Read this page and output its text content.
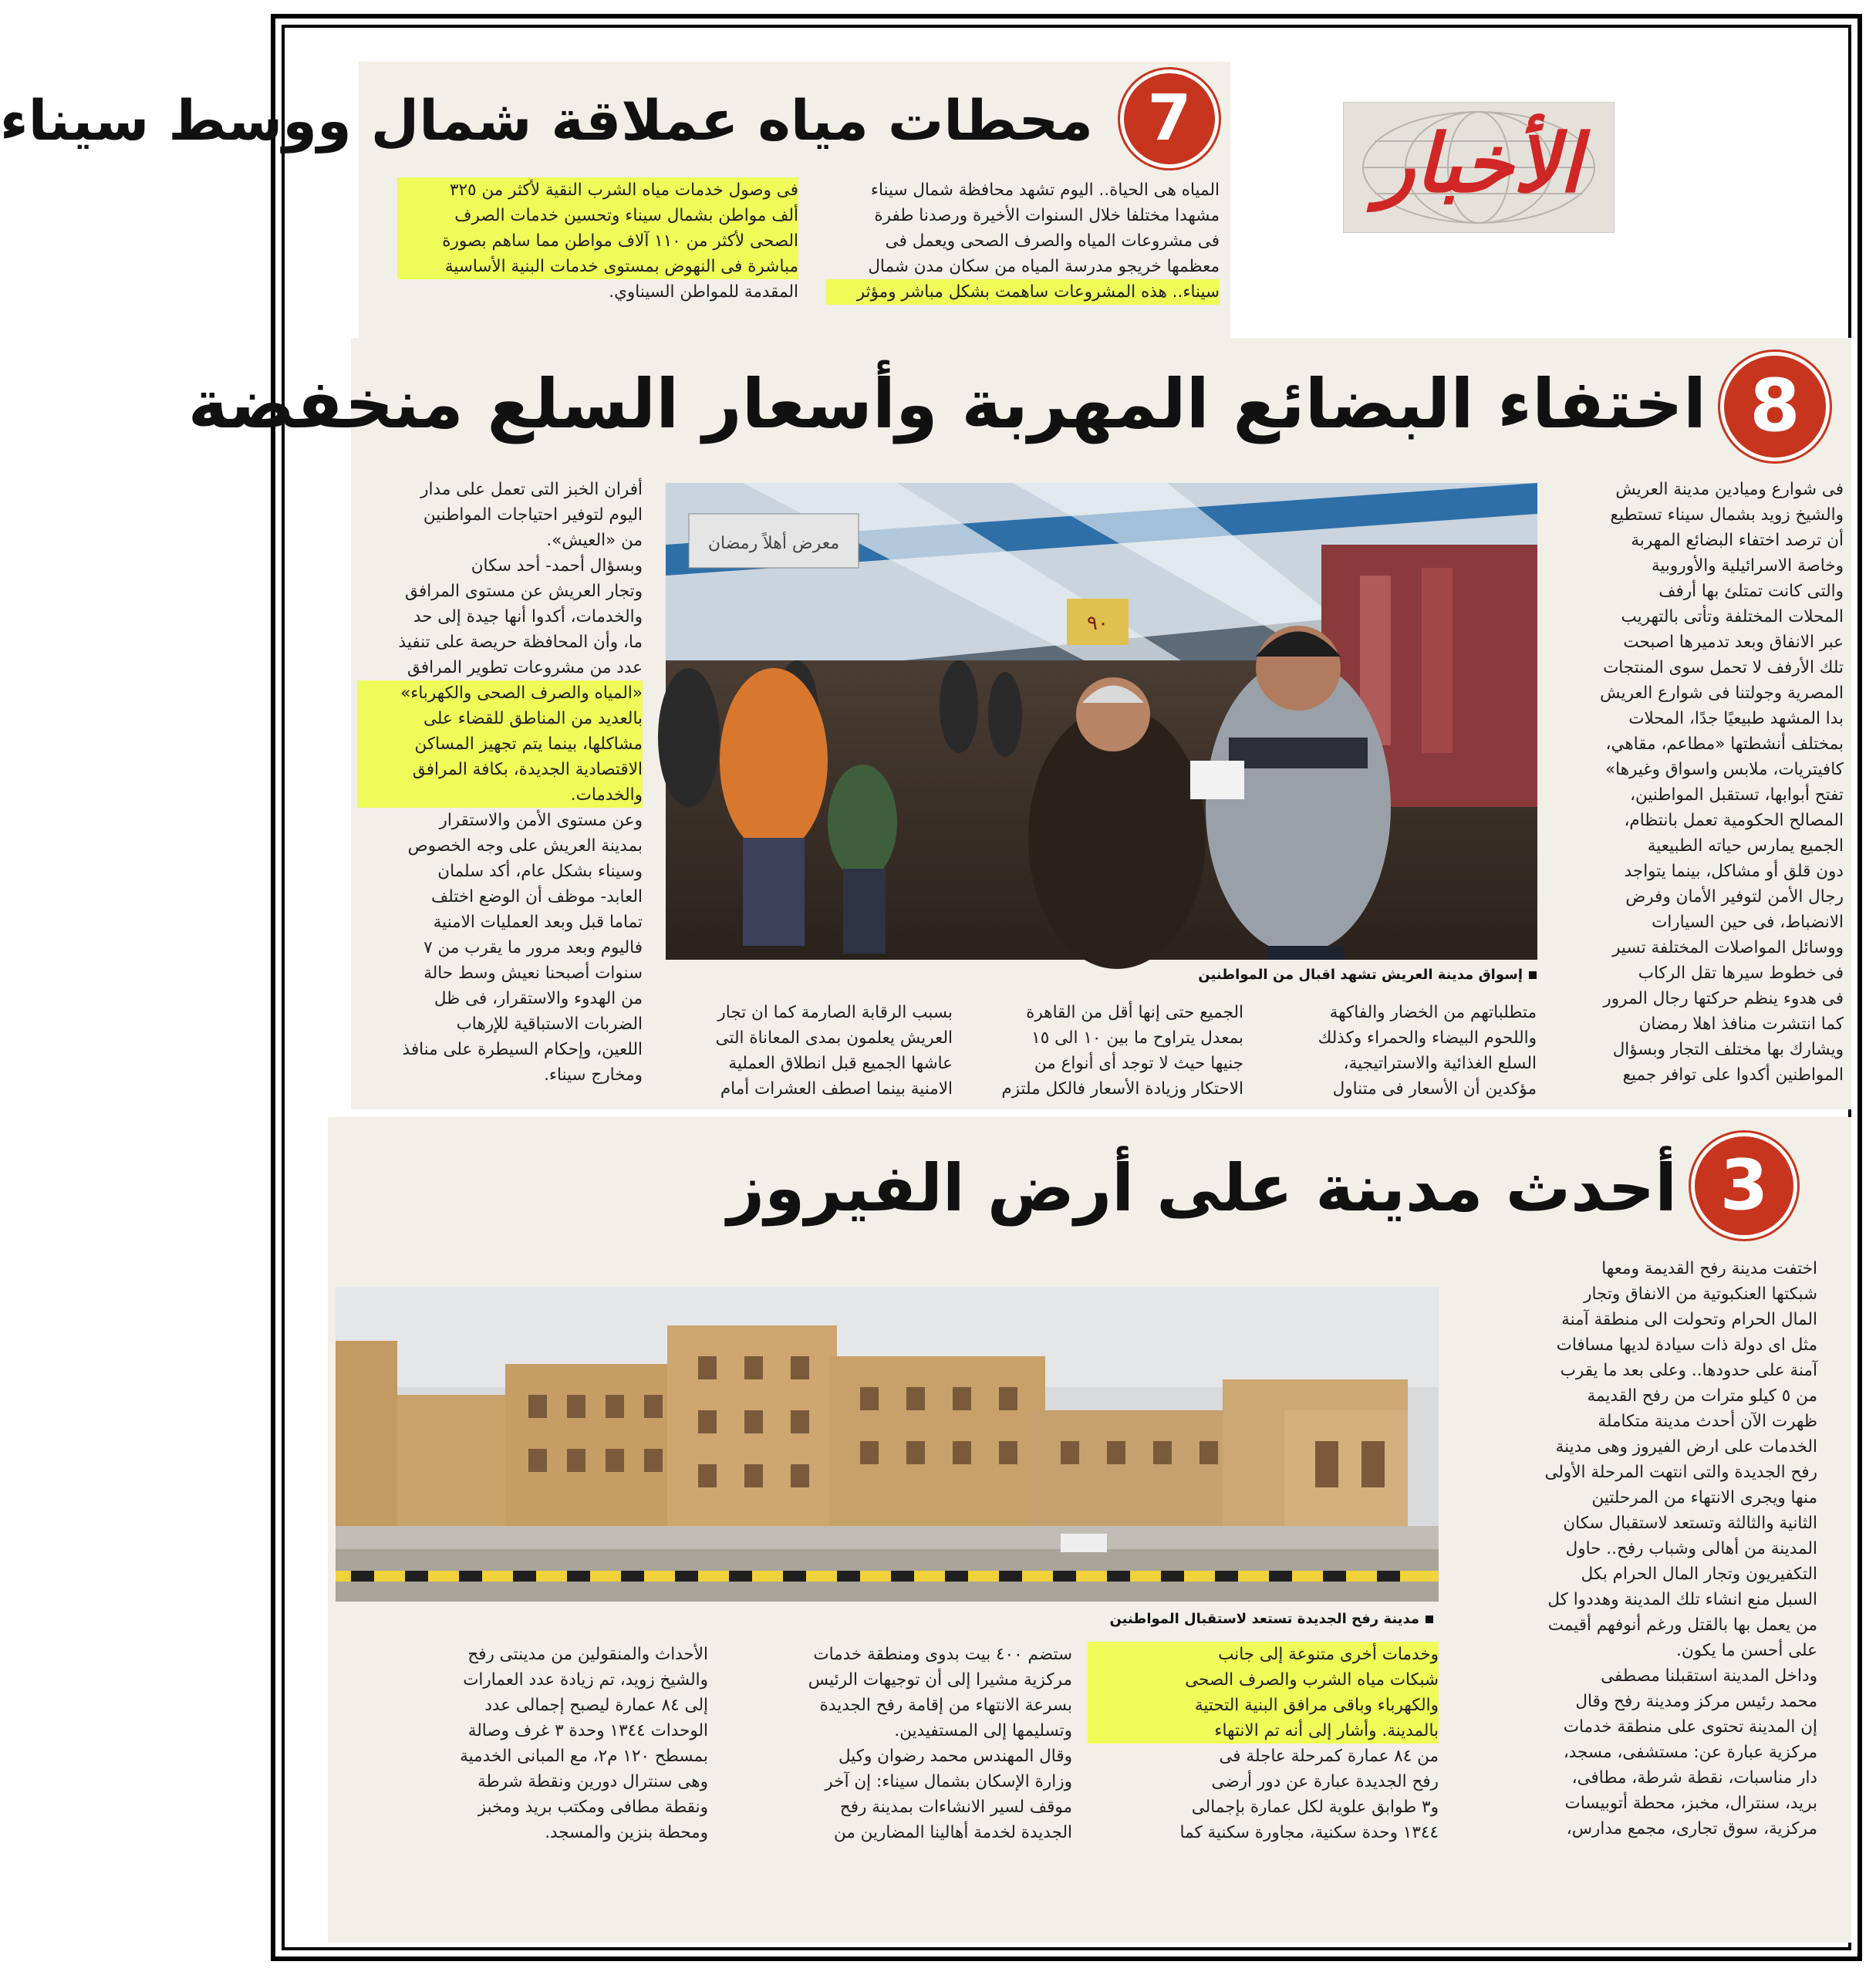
الأخبار
7
محطات مياه عملاقة شمال ووسط سيناء

المياه هى الحياة.. اليوم تشهد محافظة شمال سيناء

مشهدا مختلفا خلال السنوات الأخيرة ورصدنا طفرة

فى مشروعات المياه والصرف الصحى ويعمل فى

معظمها خريجو مدرسة المياه من سكان مدن شمال

سيناء.. هذه المشروعات ساهمت بشكل مباشر ومؤثر

فى وصول خدمات مياه الشرب النقية لأكثر من ٣٢٥

ألف مواطن بشمال سيناء وتحسين خدمات الصرف

الصحى لأكثر من ١١٠ آلاف مواطن مما ساهم بصورة

مباشرة فى النهوض بمستوى خدمات البنية الأساسية

المقدمة للمواطن السيناوي.

8
اختفاء البضائع المهربة وأسعار السلع منخفضة

فى شوارع وميادين مدينة العريش

والشيخ زويد بشمال سيناء تستطيع

أن ترصد اختفاء البضائع المهربة

وخاصة الاسرائيلية والأوروبية

والتى كانت تمتلئ بها أرفف

المحلات المختلفة وتأتى بالتهريب

عبر الانفاق وبعد تدميرها اصبحت

تلك الأرفف لا تحمل سوى المنتجات

المصرية وجولتنا فى شوارع العريش

بدا المشهد طبيعيًا جدًا، المحلات

بمختلف أنشطتها «مطاعم، مقاهي،

كافيتريات، ملابس واسواق وغيرها»

تفتح أبوابها، تستقبل المواطنين،

المصالح الحكومية تعمل بانتظام،

الجميع يمارس حياته الطبيعية

دون قلق أو مشاكل، بينما يتواجد

رجال الأمن لتوفير الأمان وفرض

الانضباط، فى حين السيارات

ووسائل المواصلات المختلفة تسير

فى خطوط سيرها تقل الركاب

فى هدوء ينظم حركتها رجال المرور

كما انتشرت منافذ اهلا رمضان

ويشارك بها مختلف التجار وبسؤال

المواطنين أكدوا على توافر جميع

معرض أهلاً رمضان
٩٠
إسواق مدينة العريش تشهد اقبال من المواطنين

أفران الخبز التى تعمل على مدار

اليوم لتوفير احتياجات المواطنين

من «العيش».

وبسؤال أحمد- أحد سكان

وتجار العريش عن مستوى المرافق

والخدمات، أكدوا أنها جيدة إلى حد

ما، وأن المحافظة حريصة على تنفيذ

عدد من مشروعات تطوير المرافق

«المياه والصرف الصحى والكهرباء»

بالعديد من المناطق للقضاء على

مشاكلها، بينما يتم تجهيز المساكن

الاقتصادية الجديدة، بكافة المرافق

والخدمات.

وعن مستوى الأمن والاستقرار

بمدينة العريش على وجه الخصوص

وسيناء بشكل عام، أكد سلمان

العابد- موظف أن الوضع اختلف

تماما قبل وبعد العمليات الامنية

فاليوم وبعد مرور ما يقرب من ٧

سنوات أصبحنا نعيش وسط حالة

من الهدوء والاستقرار، فى ظل

الضربات الاستباقية للإرهاب

اللعين، وإحكام السيطرة على منافذ

ومخارج سيناء.

متطلباتهم من الخضار والفاكهة

واللحوم البيضاء والحمراء وكذلك

السلع الغذائية والاستراتيجية،

مؤكدين أن الأسعار فى متناول

الجميع حتى إنها أقل من القاهرة

بمعدل يتراوح ما بين ١٠ الى ١٥

جنيها حيث لا توجد أى أنواع من

الاحتكار وزيادة الأسعار فالكل ملتزم

بسبب الرقابة الصارمة كما ان تجار

العريش يعلمون بمدى المعاناة التى

عاشها الجميع قبل انطلاق العملية

الامنية بينما اصطف العشرات أمام

3
أحدث مدينة على أرض الفيروز

اختفت مدينة رفح القديمة ومعها

شبكتها العنكبوتية من الانفاق وتجار

المال الحرام وتحولت الى منطقة آمنة

مثل اى دولة ذات سيادة لديها مسافات

آمنة على حدودها.. وعلى بعد ما يقرب

من ٥ كيلو مترات من رفح القديمة

ظهرت الآن أحدث مدينة متكاملة

الخدمات على ارض الفيروز وهى مدينة

رفح الجديدة والتى انتهت المرحلة الأولى

منها ويجرى الانتهاء من المرحلتين

الثانية والثالثة وتستعد لاستقبال سكان

المدينة من أهالى وشباب رفح.. حاول

التكفيريون وتجار المال الحرام بكل

السبل منع انشاء تلك المدينة وهددوا كل

من يعمل بها بالقتل ورغم أنوفهم أقيمت

على أحسن ما يكون.

وداخل المدينة استقبلنا مصطفى

محمد رئيس مركز ومدينة رفح وقال

إن المدينة تحتوى على منطقة خدمات

مركزية عبارة عن: مستشفى، مسجد،

دار مناسبات، نقطة شرطة، مطافى،

بريد، سنترال، مخبز، محطة أتوبيسات

مركزية، سوق تجارى، مجمع مدارس،

مدينة رفح الجديدة تستعد لاستقبال المواطنين

وخدمات أخرى متنوعة إلى جانب

شبكات مياه الشرب والصرف الصحى

والكهرباء وباقى مرافق البنية التحتية

بالمدينة. وأشار إلى أنه تم الانتهاء

من ٨٤ عمارة كمرحلة عاجلة فى

رفح الجديدة عبارة عن دور أرضى

و٣ طوابق علوية لكل عمارة بإجمالى

١٣٤٤ وحدة سكنية، مجاورة سكنية كما

ستضم ٤٠٠ بيت بدوى ومنطقة خدمات

مركزية مشيرا إلى أن توجيهات الرئيس

بسرعة الانتهاء من إقامة رفح الجديدة

وتسليمها إلى المستفيدين.

وقال المهندس محمد رضوان وكيل

وزارة الإسكان بشمال سيناء: إن آخر

موقف لسير الانشاءات بمدينة رفح

الجديدة لخدمة أهالينا المضارين من

الأحداث والمنقولين من مدينتى رفح

والشيخ زويد، تم زيادة عدد العمارات

إلى ٨٤ عمارة ليصبح إجمالى عدد

الوحدات ١٣٤٤ وحدة ٣ غرف وصالة

بمسطح ١٢٠ م٢، مع المبانى الخدمية

وهى سنترال دورين ونقطة شرطة

ونقطة مطافى ومكتب بريد ومخبز

ومحطة بنزين والمسجد.
